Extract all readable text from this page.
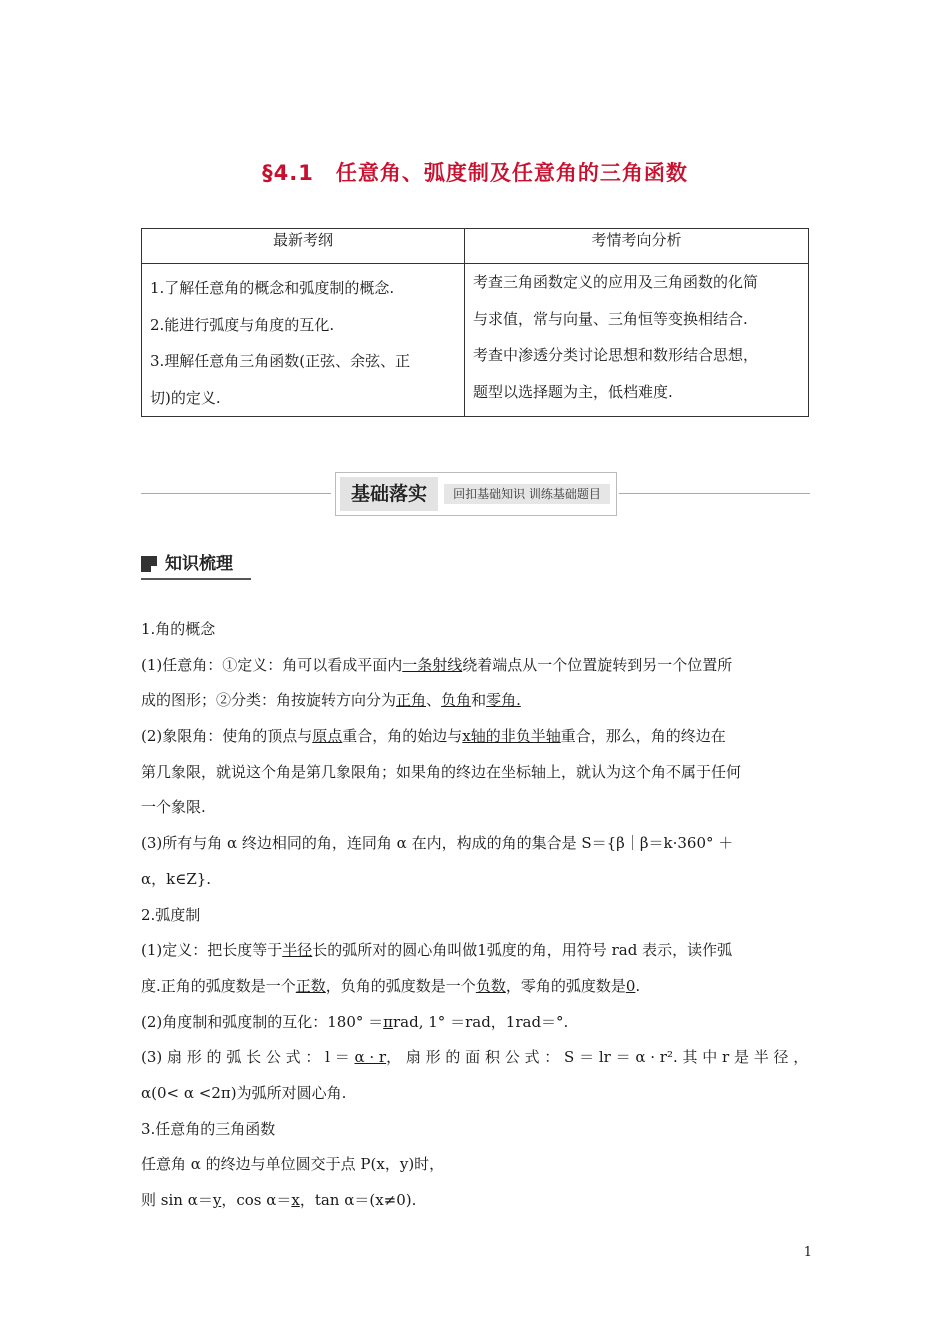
§4.1　任意角、弧度制及任意角的三角函数
最新考纲	考情考向分析

1.了解任意角的概念和弧度制的概念.
2.能进行弧度与角度的互化.
3.理解任意角三角函数(正弦、余弦、正
切)的定义.	考查三角函数定义的应用及三角函数的化简
与求值，常与向量、三角恒等变换相结合.
考查中渗透分类讨论思想和数形结合思想，
题型以选择题为主，低档难度.
基础落实	回扣基础知识 训练基础题目
知识梳理
1.角的概念
(1)任意角：①定义：角可以看成平面内一条射线绕着端点从一个位置旋转到另一个位置所
成的图形；②分类：角按旋转方向分为正角、负角和零角.
(2)象限角：使角的顶点与原点重合，角的始边与x轴的非负半轴重合，那么，角的终边在
第几象限，就说这个角是第几象限角；如果角的终边在坐标轴上，就认为这个角不属于任何
一个象限.
(3)所有与角 α 终边相同的角，连同角 α 在内，构成的角的集合是 S＝{β｜β＝k·360° ＋
α，k∈Z}.
2.弧度制
(1)定义：把长度等于半径长的弧所对的圆心角叫做1弧度的角，用符号 rad 表示，读作弧
度.正角的弧度数是一个正数，负角的弧度数是一个负数，零角的弧度数是0.
(2)角度制和弧度制的互化：180° ＝πrad, 1° ＝rad，1rad＝°.
(3) 扇 形 的 弧 长 公 式 ： l ＝ α · r， 扇 形 的 面 积 公 式 ： S ＝ lr ＝ α · r². 其 中 r 是 半 径 ，
α(0< α <2π)为弧所对圆心角.
3.任意角的三角函数
任意角 α 的终边与单位圆交于点 P(x，y)时，
则 sin α＝y，cos α＝x，tan α＝(x≠0).
1
